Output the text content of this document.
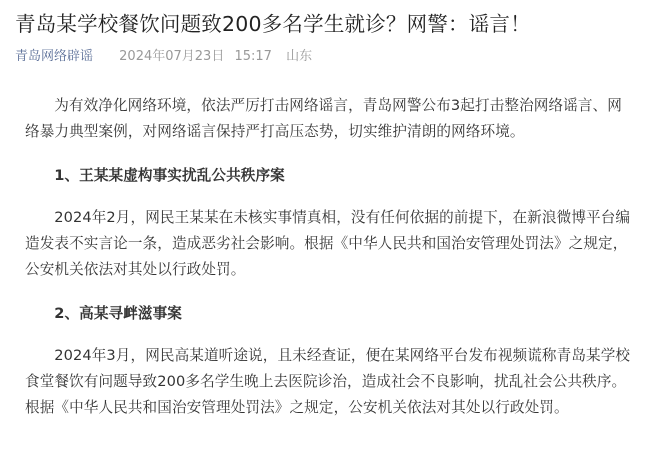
青岛某学校餐饮问题致200多名学生就诊？网警：谣言！
青岛网络辟谣 2024年07月23日 15:17 山东

为有效净化网络环境，依法严厉打击网络谣言，青岛网警公布3起打击整治网络谣言、网络暴力典型案例，对网络谣言保持严打高压态势，切实维护清朗的网络环境。

1、王某某虚构事实扰乱公共秩序案

2024年2月，网民王某某在未核实事情真相，没有任何依据的前提下，在新浪微博平台编造发表不实言论一条，造成恶劣社会影响。根据《中华人民共和国治安管理处罚法》之规定，公安机关依法对其处以行政处罚。

2、高某寻衅滋事案

2024年3月，网民高某道听途说，且未经查证，便在某网络平台发布视频谎称青岛某学校食堂餐饮有问题导致200多名学生晚上去医院诊治，造成社会不良影响，扰乱社会公共秩序。根据《中华人民共和国治安管理处罚法》之规定，公安机关依法对其处以行政处罚。
